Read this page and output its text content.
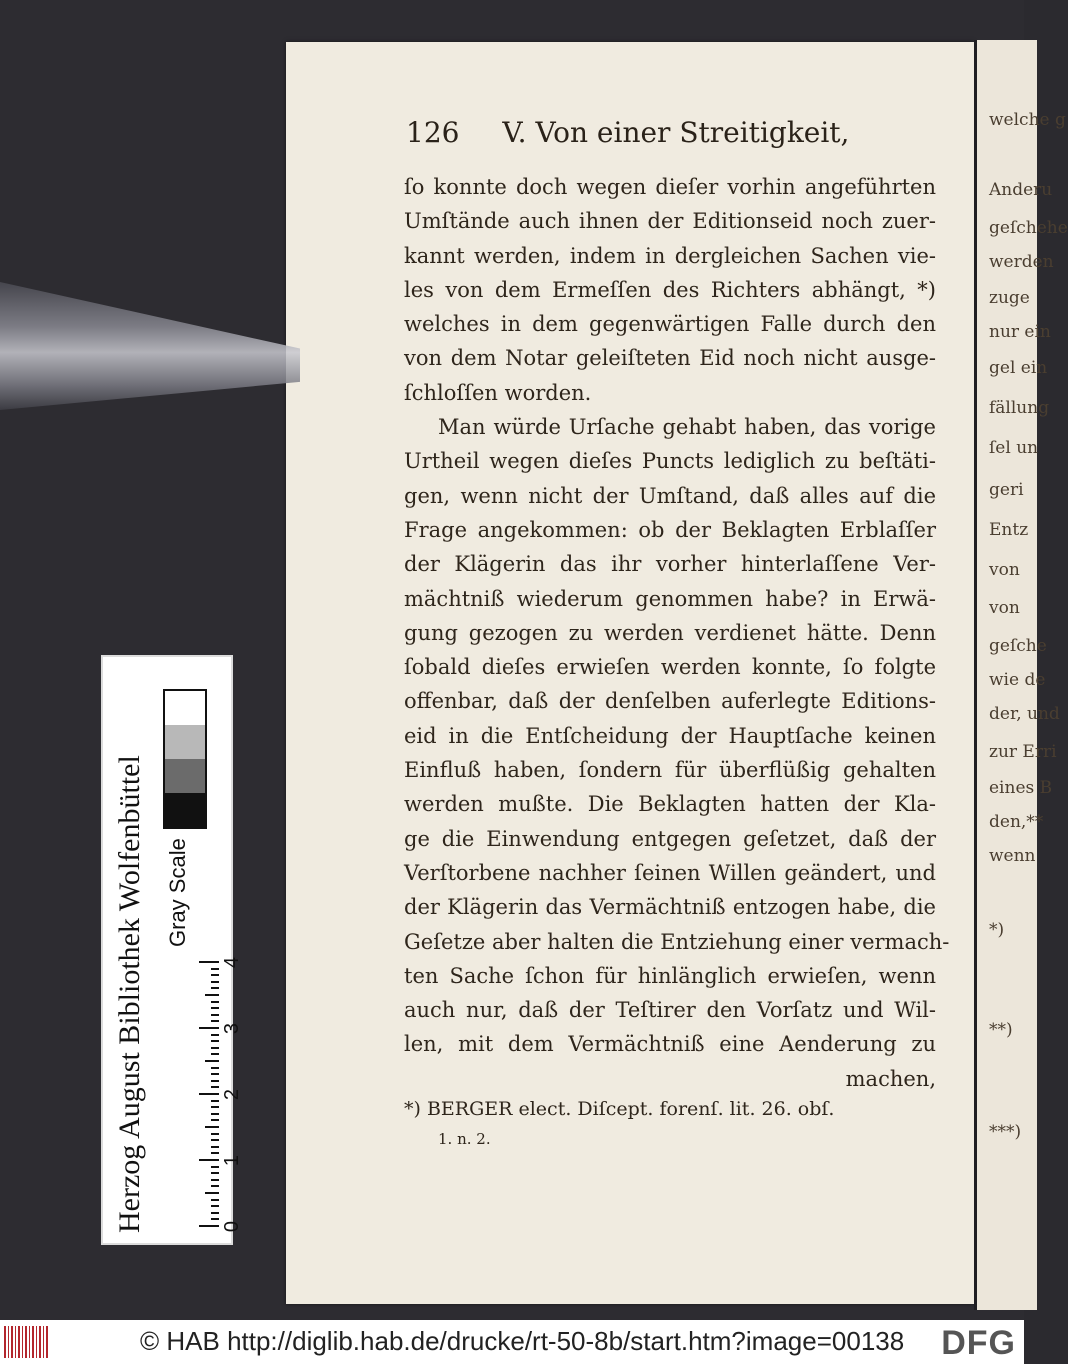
126 V. Von einer Streitigkeit,
ſo konnte doch wegen dieſer vorhin angeführten
Umſtände auch ihnen der Editionseid noch zuer-
kannt werden, indem in dergleichen Sachen vie-
les von dem Ermeſſen des Richters abhängt, *)
welches in dem gegenwärtigen Falle durch den
von dem Notar geleiſteten Eid noch nicht ausge-
ſchloſſen worden.
Man würde Urſache gehabt haben, das vorige
Urtheil wegen dieſes Puncts lediglich zu beſtäti-
gen, wenn nicht der Umſtand, daß alles auf die
Frage angekommen: ob der Beklagten Erblaſſer
der Klägerin das ihr vorher hinterlaſſene Ver-
mächtniß wiederum genommen habe? in Erwä-
gung gezogen zu werden verdienet hätte. Denn
ſobald dieſes erwieſen werden konnte, ſo folgte
offenbar, daß der denſelben auferlegte Editions-
eid in die Entſcheidung der Hauptſache keinen
Einfluß haben, ſondern für überflüßig gehalten
werden mußte. Die Beklagten hatten der Kla-
ge die Einwendung entgegen geſetzet, daß der
Verſtorbene nachher ſeinen Willen geändert, und
der Klägerin das Vermächtniß entzogen habe, die
Geſetze aber halten die Entziehung einer vermach-
ten Sache ſchon für hinlänglich erwieſen, wenn
auch nur, daß der Teſtirer den Vorſatz und Wil-
len, mit dem Vermächtniß eine Aenderung zu
machen,
*) BERGER elect. Diſcept. forenſ. lit. 26. obſ.
1. n. 2.
welche g
Anderu
geſchehe
werden
zuge
nur ein
gel ein
fällung
ſel un
geri
Entz
von
von
geſche
wie de
der, und
zur Erri
eines B
den,**
wenn
*)
**)
***)
Herzog August Bibliothek Wolfenbüttel Gray Scale
0
1
2
3
4
© HAB http://diglib.hab.de/drucke/rt-50-8b/start.htm?image=00138 DFG
